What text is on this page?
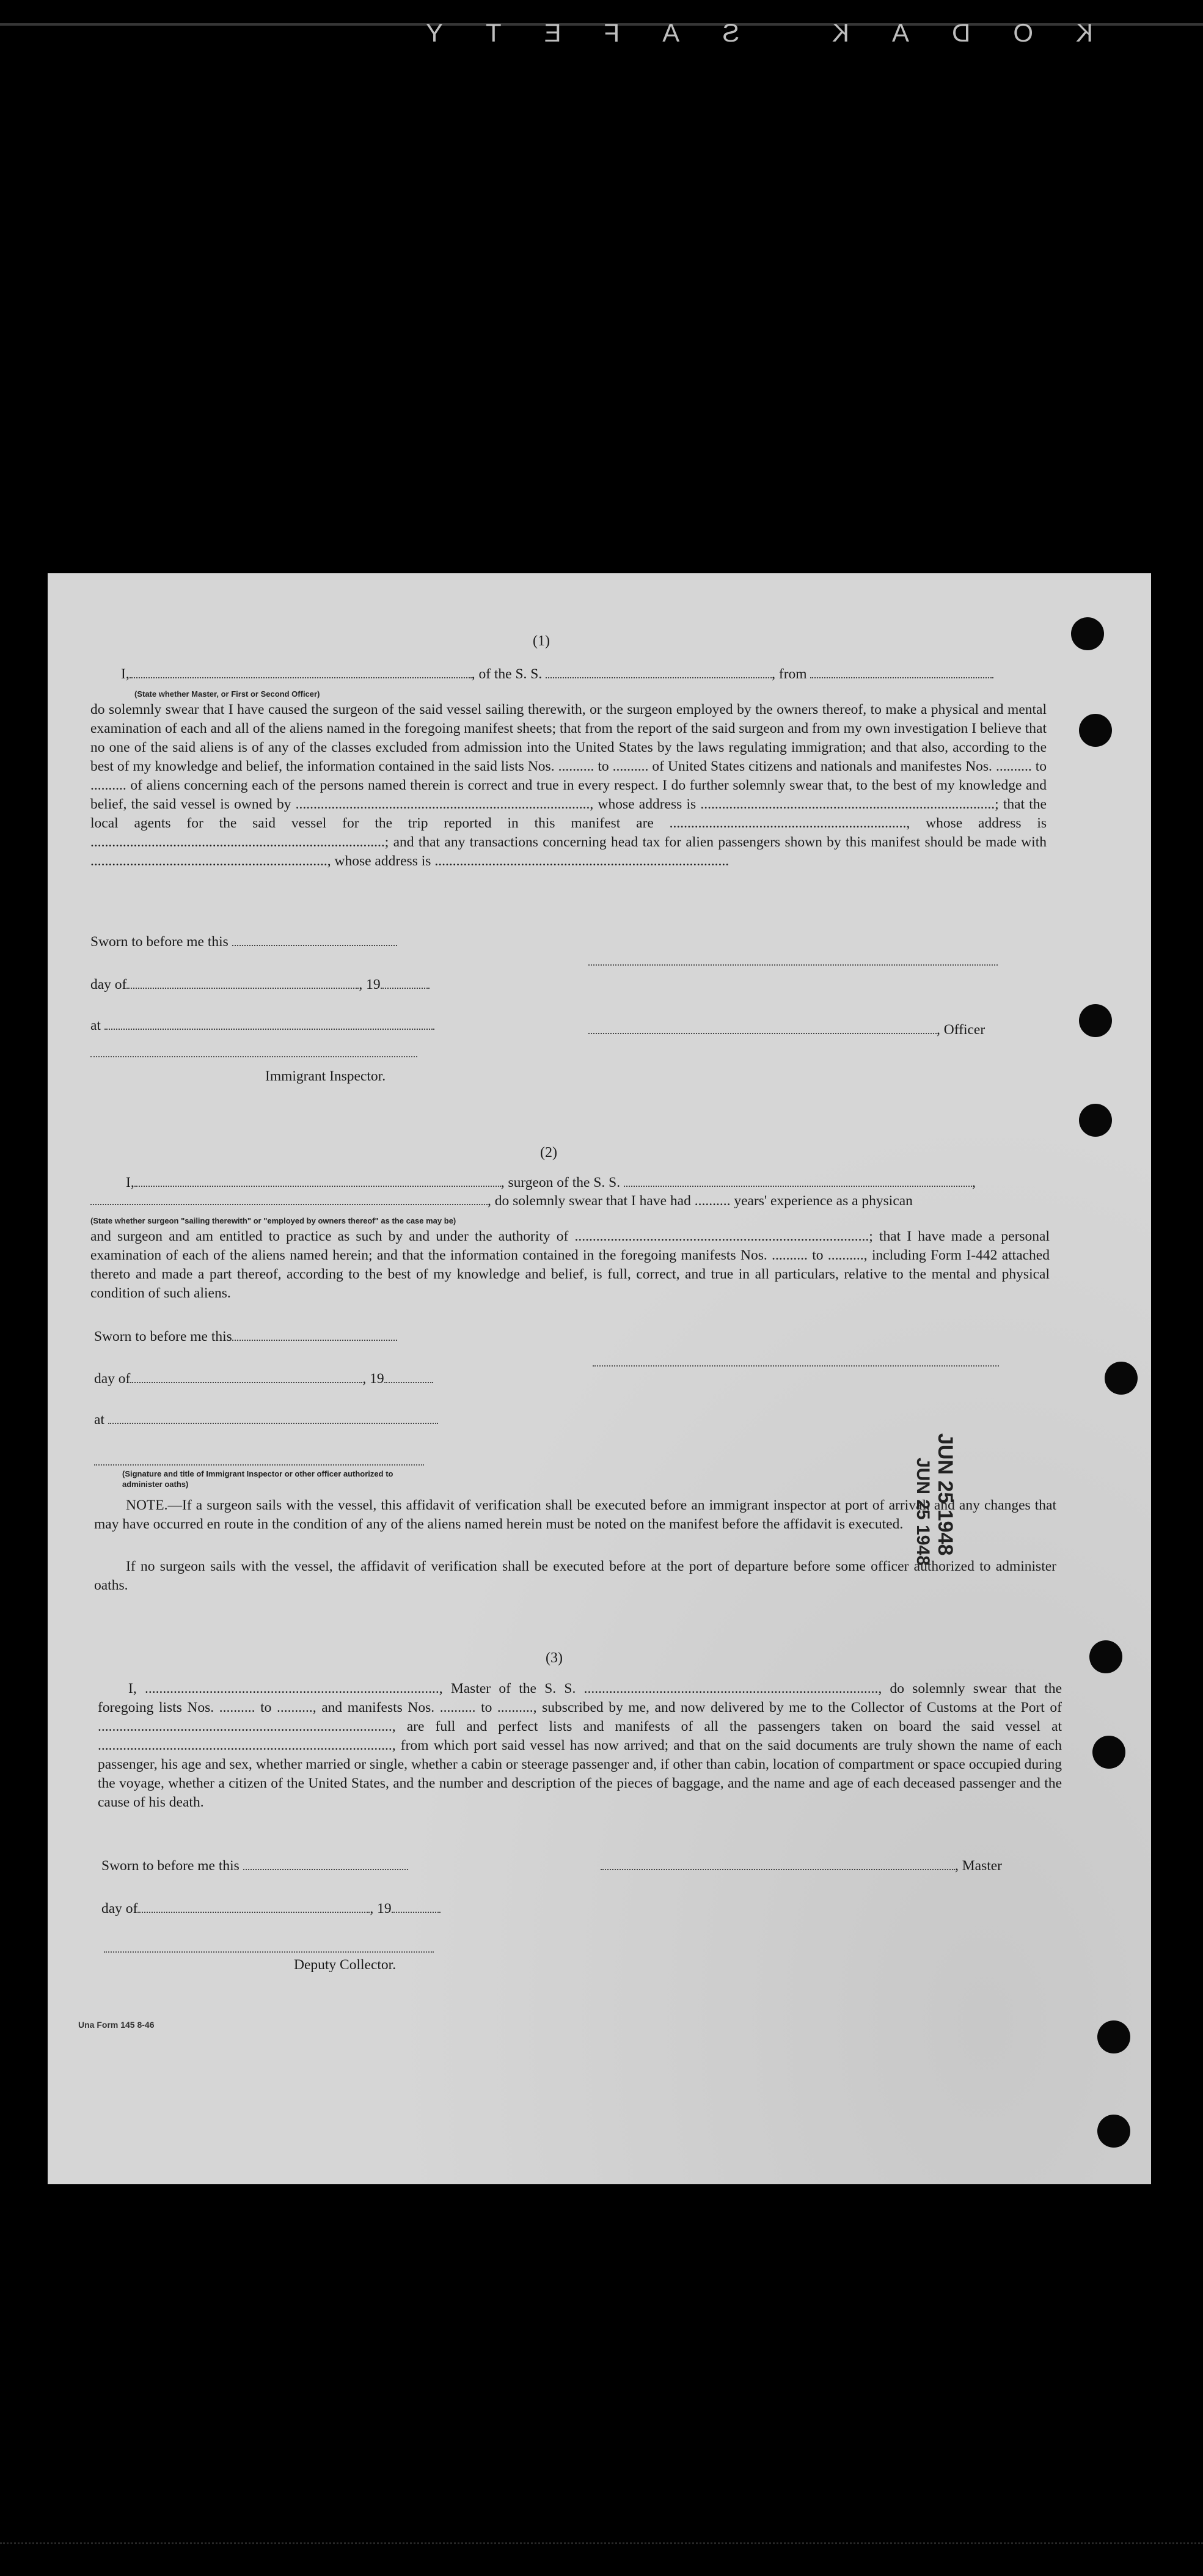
KODAK SAFETY
(1)
I,	, of the S. S.	, from
(State whether Master, or First or Second Officer)
do solemnly swear that I have caused the surgeon of the said vessel sailing therewith, or the surgeon employed by the owners thereof, to make a physical and mental examination of each and all of the aliens named in the foregoing manifest sheets; that from the report of the said surgeon and from my own investigation I believe that no one of the said aliens is of any of the classes excluded from admission into the United States by the laws regulating immigration; and that also, according to the best of my knowledge and belief, the information contained in the said lists Nos. .......... to .......... of United States citizens and nationals and manifestes Nos. .......... to .......... of aliens concerning each of the persons named therein is correct and true in every respect. I do further solemnly swear that, to the best of my knowledge and belief, the said vessel is owned by .................................................................................., whose address is ..................................................................................; that the local agents for the said vessel for the trip reported in this manifest are .................................................................., whose address is ..................................................................................; and that any transactions concerning head tax for alien passengers shown by this manifest should be made with .................................................................., whose address is ..................................................................................
Sworn to before me this
day of	, 19
at	, Officer
Immigrant Inspector.
(2)
I,	, surgeon of the S. S.	,
, do solemnly swear that I have had .......... years' experience as a physican
(State whether surgeon "sailing therewith" or "employed by owners thereof" as the case may be)
and surgeon and am entitled to practice as such by and under the authority of ..................................................................................; that I have made a personal examination of each of the aliens named herein; and that the information contained in the foregoing manifests Nos. .......... to .........., including Form I-442 attached thereto and made a part thereof, according to the best of my knowledge and belief, is full, correct, and true in all particulars, relative to the mental and physical condition of such aliens.
Sworn to before me this
day of	, 19
at
(Signature and title of Immigrant Inspector or other officer authorized to administer oaths)
NOTE.—If a surgeon sails with the vessel, this affidavit of verification shall be executed before an immigrant inspector at port of arrival, and any changes that may have occurred en route in the condition of any of the aliens named herein must be noted on the manifest before the affidavit is executed.
If no surgeon sails with the vessel, the affidavit of verification shall be executed before at the port of departure before some officer authorized to administer oaths.
(3)
I, .................................................................................., Master of the S. S. .................................................................................., do solemnly swear that the foregoing lists Nos. .......... to .........., and manifests Nos. .......... to .........., subscribed by me, and now delivered by me to the Collector of Customs at the Port of .................................................................................., are full and perfect lists and manifests of all the passengers taken on board the said vessel at .................................................................................., from which port said vessel has now arrived; and that on the said documents are truly shown the name of each passenger, his age and sex, whether married or single, whether a cabin or steerage passenger and, if other than cabin, location of compartment or space occupied during the voyage, whether a citizen of the United States, and the number and description of the pieces of baggage, and the name and age of each deceased passenger and the cause of his death.
Sworn to before me this	, Master
day of	, 19
Deputy Collector.
Una Form 145 8-46
JUN 25 1948
JUN 25 1948
